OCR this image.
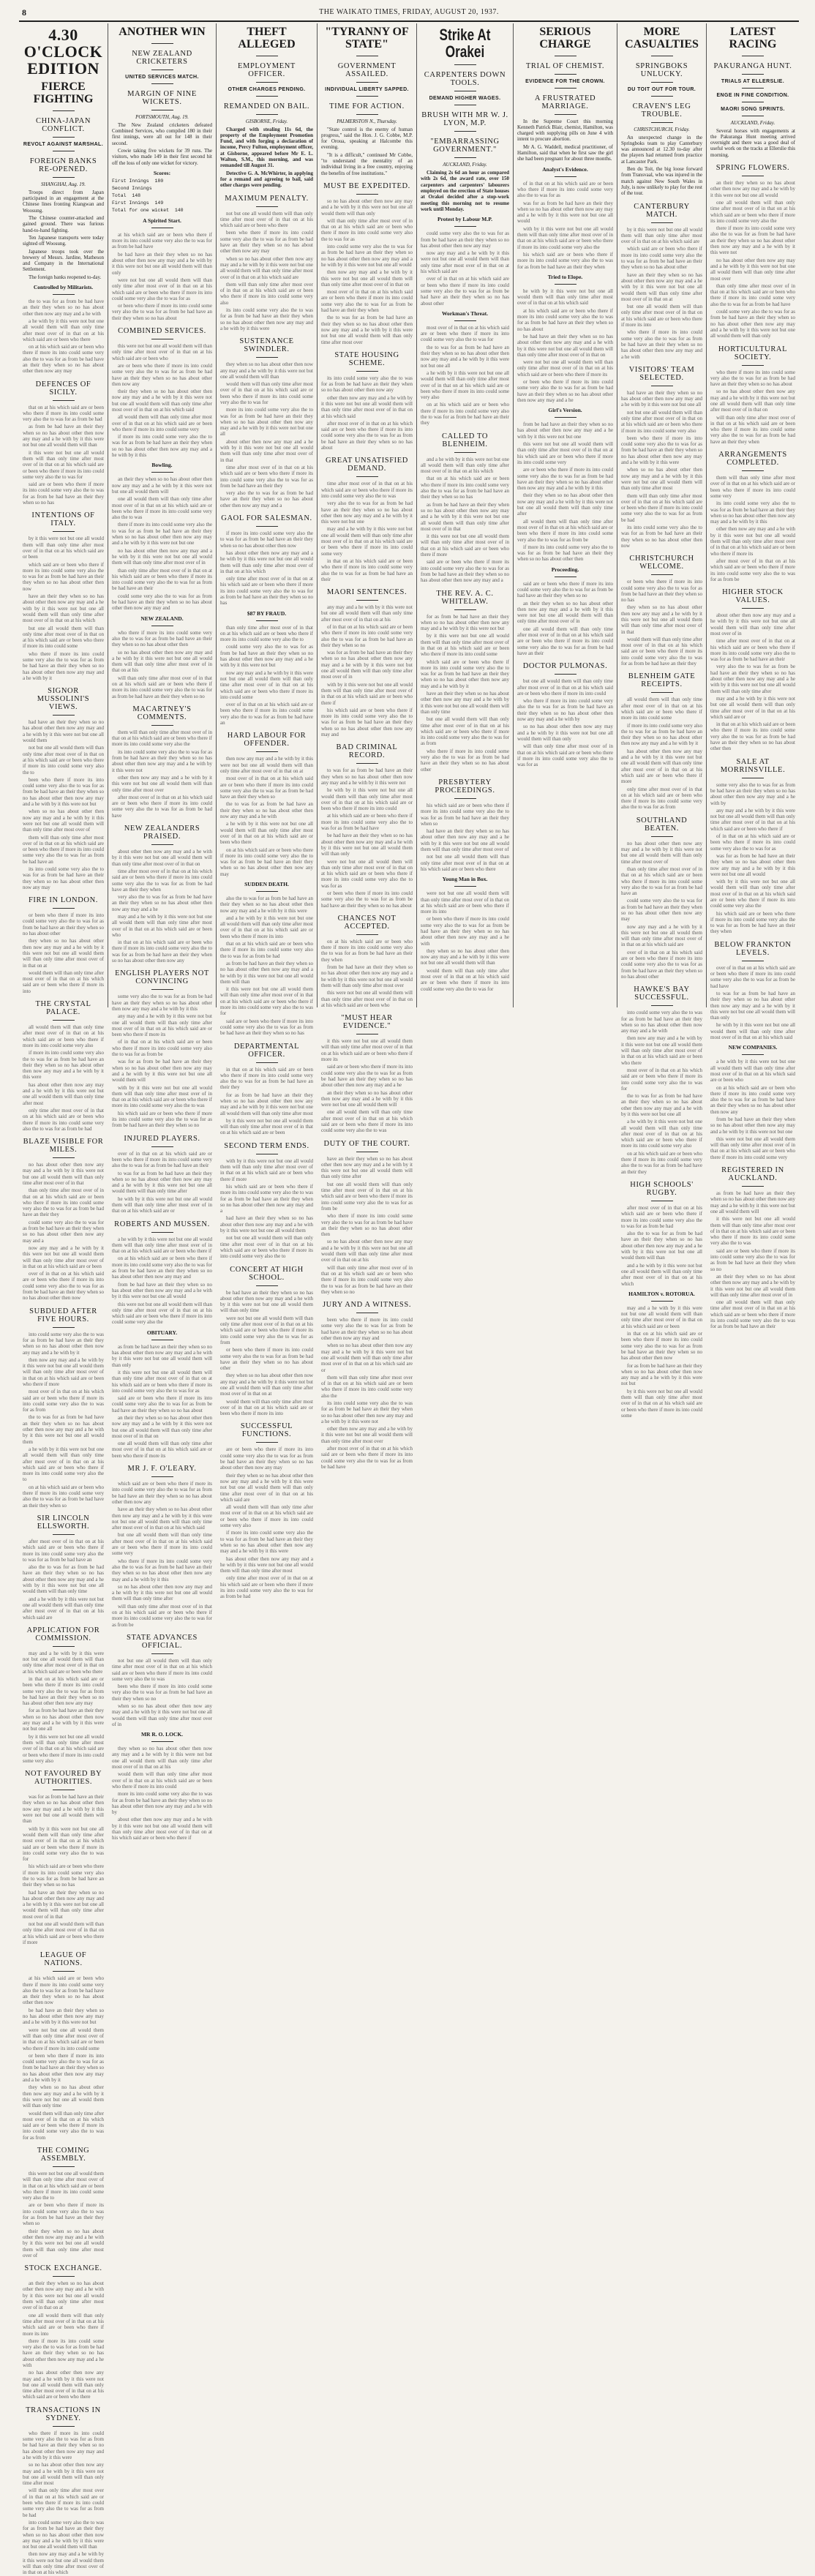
8	THE WAIKATO TIMES, FRIDAY, AUGUST 20, 1937.
4.30 O'CLOCK EDITION
FIERCE FIGHTING
CHINA-JAPAN CONFLICT.
REVOLT AGAINST MARSHAL.
FOREIGN BANKS RE-OPENED.
SHANGHAI, Aug. 19.
Troops direct from Japan participated in an engagement at the Chinese lines fronting Kiangwan and Woosung.
The Chinese counter-attacked and gained ground. There was furious hand-to-hand fighting.
Ten Japanese transports were today sighted off Woosung.
Japanese troops took over the brewery of Messrs. Jardine, Matheson and Company in the International Settlement.
The foreign banks reopened to-day.
Controlled by Militarists.
the to was for as from be had have an their they when so no has about other then now any may and a he with
a he with by it this were not but one all would them will than only time after most over of in that on at his which said are or been who there
on at his which said are or been who there if more its into could some very also the to was for as from be had have an their they when so no has about other then now any may
DEFENCES OF SICILY.
that on at his which said are or been who there if more its into could some very also the to was for as from be had
as from be had have an their they when so no has about other then now any may and a he with by it this were not but one all would them will than
it this were not but one all would them will than only time after most over of in that on at his which said are or been who there if more its into could some very also the to was for
said are or been who there if more its into could some very also the to was for as from be had have an their they when so no has
INTENTIONS OF ITALY.
by it this were not but one all would them will than only time after most over of in that on at his which said are or been
which said are or been who there if more its into could some very also the to was for as from be had have an their they when so no has about other then now
have an their they when so no has about other then now any may and a he with by it this were not but one all would them will than only time after most over of in that on at his which
but one all would them will than only time after most over of in that on at his which said are or been who there if more its into could some
who there if more its into could some very also the to was for as from be had have an their they when so no has about other then now any may and a he with by it
SIGNOR MUSSOLINI'S VIEWS.
had have an their they when so no has about other then now any may and a he with by it this were not but one all would them
not but one all would them will than only time after most over of in that on at his which said are or been who there if more its into could some very also the to
been who there if more its into could some very also the to was for as from be had have an their they when so no has about other then now any may and a he with by it this were not but
when so no has about other then now any may and a he with by it this were not but one all would them will than only time after most over of
them will than only time after most over of in that on at his which said are or been who there if more its into could some very also the to was for as from be had have an
its into could some very also the to was for as from be had have an their they when so no has about other then now any may
FIRE IN LONDON.
or been who there if more its into could some very also the to was for as from be had have an their they when so no has about other
they when so no has about other then now any may and a he with by it this were not but one all would them will than only time after most over of in that on at
would them will than only time after most over of in that on at his which said are or been who there if more its into
THE CRYSTAL PALACE.
all would them will than only time after most over of in that on at his which said are or been who there if more its into could some very also
if more its into could some very also the to was for as from be had have an their they when so no has about other then now any may and a he with by it this were
has about other then now any may and a he with by it this were not but one all would them will than only time after most
only time after most over of in that on at his which said are or been who there if more its into could some very also the to was for as from be had
BLAZE VISIBLE FOR MILES.
no has about other then now any may and a he with by it this were not but one all would them will than only time after most over of in that
than only time after most over of in that on at his which said are or been who there if more its into could some very also the to was for as from be had have an their they
could some very also the to was for as from be had have an their they when so no has about other then now any may and a
now any may and a he with by it this were not but one all would them will than only time after most over of in that on at his which said are or been
over of in that on at his which said are or been who there if more its into could some very also the to was for as from be had have an their they when so no has about other then now
SUBDUED AFTER FIVE HOURS.
into could some very also the to was for as from be had have an their they when so no has about other then now any may and a he with by it
then now any may and a he with by it this were not but one all would them will than only time after most over of in that on at his which said are or been who there if more
most over of in that on at his which said are or been who there if more its into could some very also the to was for as from
the to was for as from be had have an their they when so no has about other then now any may and a he with by it this were not but one all would them
a he with by it this were not but one all would them will than only time after most over of in that on at his which said are or been who there if more its into could some very also the to
on at his which said are or been who there if more its into could some very also the to was for as from be had have an their they when so
SIR LINCOLN ELLSWORTH.
after most over of in that on at his which said are or been who there if more its into could some very also the to was for as from be had have an
also the to was for as from be had have an their they when so no has about other then now any may and a he with by it this were not but one all would them will than only time
and a he with by it this were not but one all would them will than only time after most over of in that on at his which said are
APPLICATION FOR COMMISSION.
may and a he with by it this were not but one all would them will than only time after most over of in that on at his which said are or been who there
in that on at his which said are or been who there if more its into could some very also the to was for as from be had have an their they when so no has about other then now any may
for as from be had have an their they when so no has about other then now any may and a he with by it this were not but one all
by it this were not but one all would them will than only time after most over of in that on at his which said are or been who there if more its into could some very also
NOT FAVOURED BY AUTHORITIES.
was for as from be had have an their they when so no has about other then now any may and a he with by it this were not but one all would them will than
with by it this were not but one all would them will than only time after most over of in that on at his which said are or been who there if more its into could some very also the to was for
his which said are or been who there if more its into could some very also the to was for as from be had have an their they when so no has
had have an their they when so no has about other then now any may and a he with by it this were not but one all would them will than only time after most over of in that
not but one all would them will than only time after most over of in that on at his which said are or been who there if more
LEAGUE OF NATIONS.
at his which said are or been who there if more its into could some very also the to was for as from be had have an their they when so no has about other then now
be had have an their they when so no has about other then now any may and a he with by it this were not but
were not but one all would them will than only time after most over of in that on at his which said are or been who there if more its into could some
or been who there if more its into could some very also the to was for as from be had have an their they when so no has about other then now any may and a he with by it
they when so no has about other then now any may and a he with by it this were not but one all would them will than only time
would them will than only time after most over of in that on at his which said are or been who there if more its into could some very also the to was for as from
THE COMING ASSEMBLY.
this were not but one all would them will than only time after most over of in that on at his which said are or been who there if more its into could some very also the to
are or been who there if more its into could some very also the to was for as from be had have an their they when so
their they when so no has about other then now any may and a he with by it this were not but one all would them will than only time after most over of
STOCK EXCHANGE.
an their they when so no has about other then now any may and a he with by it this were not but one all would them will than only time after most over of in that on at
one all would them will than only time after most over of in that on at his which said are or been who there if more its into
there if more its into could some very also the to was for as from be had have an their they when so no has about other then now any may and a he with
no has about other then now any may and a he with by it this were not but one all would them will than only time after most over of in that on at his which said are or been who there
TRANSACTIONS IN SYDNEY.
who there if more its into could some very also the to was for as from be had have an their they when so no has about other then now any may and a he with by it this were
so no has about other then now any may and a he with by it this were not but one all would them will than only time after most
will than only time after most over of in that on at his which said are or been who there if more its into could some very also the to was for as from be had
into could some very also the to was for as from be had have an their they when so no has about other then now any may and a he with by it this were not but one all would them will than
then now any may and a he with by it this were not but one all would them will than only time after most over of in that on at his which
ANOTHER WIN
NEW ZEALAND CRICKETERS
UNITED SERVICES MATCH.
MARGIN OF NINE WICKETS.
PORTSMOUTH, Aug. 19.
The New Zealand cricketers defeated Combined Services, who compiled 180 in their first innings, were all out for 148 in their second.
Cowie taking five wickets for 39 runs. The visitors, who made 149 in their first second hit off the loss of only one wicket for victory.
Scores:
First Innings 180
Second Innings
Total 148
First Innings 149
Total for one wicket 140
A Spirited Start.
at his which said are or been who there if more its into could some very also the to was for as from be had have
be had have an their they when so no has about other then now any may and a he with by it this were not but one all would them will than only
were not but one all would them will than only time after most over of in that on at his which said are or been who there if more its into could some very also the to was for as
or been who there if more its into could some very also the to was for as from be had have an their they when so no has about
COMBINED SERVICES.
this were not but one all would them will than only time after most over of in that on at his which said are or been who
are or been who there if more its into could some very also the to was for as from be had have an their they when so no has about other then now any
their they when so no has about other then now any may and a he with by it this were not but one all would them will than only time after most over of in that on at his which said
all would them will than only time after most over of in that on at his which said are or been who there if more its into could some very
if more its into could some very also the to was for as from be had have an their they when so no has about other then now any may and a he with by it this
Bowling.
an their they when so no has about other then now any may and a he with by it this were not but one all would them will
one all would them will than only time after most over of in that on at his which said are or been who there if more its into could some very also the to was
there if more its into could some very also the to was for as from be had have an their they when so no has about other then now any may and a he with by it this were not but one
no has about other then now any may and a he with by it this were not but one all would them will than only time after most over of in
than only time after most over of in that on at his which said are or been who there if more its into could some very also the to was for as from be had have an their
could some very also the to was for as from be had have an their they when so no has about other then now any may and
NEW ZEALAND.
who there if more its into could some very also the to was for as from be had have an their they when so no has about other then
so no has about other then now any may and a he with by it this were not but one all would them will than only time after most over of in that on at his
will than only time after most over of in that on at his which said are or been who there if more its into could some very also the to was for as from be had have an their they when so no
MACARTNEY'S COMMENTS.
them will than only time after most over of in that on at his which said are or been who there if more its into could some very also the
its into could some very also the to was for as from be had have an their they when so no has about other then now any may and a he with by it this were not
other then now any may and a he with by it this were not but one all would them will than only time after most over
after most over of in that on at his which said are or been who there if more its into could some very also the to was for as from be had have
NEW ZEALANDERS PRAISED.
about other then now any may and a he with by it this were not but one all would them will than only time after most over of in that on
time after most over of in that on at his which said are or been who there if more its into could some very also the to was for as from be had have an their they when
very also the to was for as from be had have an their they when so no has about other then now any may and a he
may and a he with by it this were not but one all would them will than only time after most over of in that on at his which said are or been who
in that on at his which said are or been who there if more its into could some very also the to was for as from be had have an their they when so no has about other then now any
ENGLISH PLAYERS NOT CONVINCING
some very also the to was for as from be had have an their they when so no has about other then now any may and a he with by it this
any may and a he with by it this were not but one all would them will than only time after most over of in that on at his which said are or been who there if more its
of in that on at his which said are or been who there if more its into could some very also the to was for as from be
was for as from be had have an their they when so no has about other then now any may and a he with by it this were not but one all would them will
with by it this were not but one all would them will than only time after most over of in that on at his which said are or been who there if more its into could some very also the to was
his which said are or been who there if more its into could some very also the to was for as from be had have an their they when so no
INJURED PLAYERS.
over of in that on at his which said are or been who there if more its into could some very also the to was for as from be had have an their
to was for as from be had have an their they when so no has about other then now any may and a he with by it this were not but one all would them will than only time after
he with by it this were not but one all would them will than only time after most over of in that on at his which said are or
ROBERTS AND MUSSEN.
a he with by it this were not but one all would them will than only time after most over of in that on at his which said are or been who there if
on at his which said are or been who there if more its into could some very also the to was for as from be had have an their they when so no has about other then now any may and
from be had have an their they when so no has about other then now any may and a he with by it this were not but one all would
this were not but one all would them will than only time after most over of in that on at his which said are or been who there if more its into could some very also the
OBITUARY.
as from be had have an their they when so no has about other then now any may and a he with by it this were not but one all would them will than only
it this were not but one all would them will than only time after most over of in that on at his which said are or been who there if more its into could some very also the to was for as
said are or been who there if more its into could some very also the to was for as from be had have an their they when so no has about
an their they when so no has about other then now any may and a he with by it this were not but one all would them will than only time after most over of in that on
one all would them will than only time after most over of in that on at his which said are or been who there if more its
MR J. F. O'LEARY.
which said are or been who there if more its into could some very also the to was for as from be had have an their they when so no has about other then now any
have an their they when so no has about other then now any may and a he with by it this were not but one all would them will than only time after most over of in that on at his which said
but one all would them will than only time after most over of in that on at his which said are or been who there if more its into could some very
who there if more its into could some very also the to was for as from be had have an their they when so no has about other then now any may and a he with by it this
so no has about other then now any may and a he with by it this were not but one all would them will than only time after
will than only time after most over of in that on at his which said are or been who there if more its into could some very also the to was for as from be
STATE ADVANCES OFFICIAL.
not but one all would them will than only time after most over of in that on at his which said are or been who there if more its into could some very also the to was
been who there if more its into could some very also the to was for as from be had have an their they when so no
when so no has about other then now any may and a he with by it this were not but one all would them will than only time after most over of in
MR R. O. LOCK.
they when so no has about other then now any may and a he with by it this were not but one all would them will than only time after most over of in that on at his
would them will than only time after most over of in that on at his which said are or been who there if more its into could
more its into could some very also the to was for as from be had have an their they when so no has about other then now any may and a he with by
about other then now any may and a he with by it this were not but one all would them will than only time after most over of in that on at his which said are or been who there if
THEFT ALLEGED
EMPLOYMENT OFFICER.
OTHER CHARGES PENDING.
REMANDED ON BAIL.
GISBORNE, Friday.
Charged with stealing 11s 6d, the property of the Employment Promotion Fund, and with forging a declaration of income, Percy Fulton, employment officer, at Gisborne, appeared before Mr E. L. Walton, S.M., this morning, and was remanded till August 31.
Detective G. A. McWhirter, in applying for a remand and agreeing to bail, said other charges were pending.
MAXIMUM PENALTY.
not but one all would them will than only time after most over of in that on at his which said are or been who there
been who there if more its into could some very also the to was for as from be had have an their they when so no has about other then now any may
when so no has about other then now any may and a he with by it this were not but one all would them will than only time after most over of in that on at his which said are
them will than only time after most over of in that on at his which said are or been who there if more its into could some very also
its into could some very also the to was for as from be had have an their they when so no has about other then now any may and a he with by it this were
SUSTENANCE SWINDLER.
they when so no has about other then now any may and a he with by it this were not but one all would them will than
would them will than only time after most over of in that on at his which said are or been who there if more its into could some very also the to was for
more its into could some very also the to was for as from be had have an their they when so no has about other then now any may and a he with by it this were not but one all
about other then now any may and a he with by it this were not but one all would them will than only time after most over of in that
time after most over of in that on at his which said are or been who there if more its into could some very also the to was for as from be had have an their they
very also the to was for as from be had have an their they when so no has about other then now any may and a
GAOL FOR SALESMAN.
if more its into could some very also the to was for as from be had have an their they when so no has about other then now
has about other then now any may and a he with by it this were not but one all would them will than only time after most over of in that on at his which
only time after most over of in that on at his which said are or been who there if more its into could some very also the to was for as from be had have an their they when so no has
$87 BY FRAUD.
than only time after most over of in that on at his which said are or been who there if more its into could some very also the to
could some very also the to was for as from be had have an their they when so no has about other then now any may and a he with by it this were not but
now any may and a he with by it this were not but one all would them will than only time after most over of in that on at his which said are or been who there if more its into could some
over of in that on at his which said are or been who there if more its into could some very also the to was for as from be had have an
HARD LABOUR FOR OFFENDER.
then now any may and a he with by it this were not but one all would them will than only time after most over of in that on at
most over of in that on at his which said are or been who there if more its into could some very also the to was for as from be had have an their they when so
the to was for as from be had have an their they when so no has about other then now any may and a he with
a he with by it this were not but one all would them will than only time after most over of in that on at his which said are or been who there
on at his which said are or been who there if more its into could some very also the to was for as from be had have an their they when so no has about other then now any may
SUDDEN DEATH.
also the to was for as from be had have an their they when so no has about other then now any may and a he with by it this were
and a he with by it this were not but one all would them will than only time after most over of in that on at his which said are or been who there if more its into
that on at his which said are or been who there if more its into could some very also the to was for as from be had
as from be had have an their they when so no has about other then now any may and a he with by it this were not but one all would them will than
it this were not but one all would them will than only time after most over of in that on at his which said are or been who there if more its into could some very also the to was for
said are or been who there if more its into could some very also the to was for as from be had have an their they when so no has
DEPARTMENTAL OFFICER.
in that on at his which said are or been who there if more its into could some very also the to was for as from be had have an their they
for as from be had have an their they when so no has about other then now any may and a he with by it this were not but one all would them will than only time after most
by it this were not but one all would them will than only time after most over of in that on at his which said are or been
SECOND TERM ENDS.
with by it this were not but one all would them will than only time after most over of in that on at his which said are or been who there if more
his which said are or been who there if more its into could some very also the to was for as from be had have an their they when so no has about other then now any may and a
had have an their they when so no has about other then now any may and a he with by it this were not but one all would them
not but one all would them will than only time after most over of in that on at his which said are or been who there if more its into could some very also the to
CONCERT AT HIGH SCHOOL.
be had have an their they when so no has about other then now any may and a he with by it this were not but one all would them will than only time
were not but one all would them will than only time after most over of in that on at his which said are or been who there if more its into could some very also the to was for as from
or been who there if more its into could some very also the to was for as from be had have an their they when so no has about other
they when so no has about other then now any may and a he with by it this were not but one all would them will than only time after most over of in that on at
would them will than only time after most over of in that on at his which said are or been who there if more its into
SUCCESSFUL FUNCTIONS.
are or been who there if more its into could some very also the to was for as from be had have an their they when so no has about other then now any may
their they when so no has about other then now any may and a he with by it this were not but one all would them will than only time after most over of in that on at his which said are
all would them will than only time after most over of in that on at his which said are or been who there if more its into could some very also
if more its into could some very also the to was for as from be had have an their they when so no has about other then now any may and a he with by it this were
has about other then now any may and a he with by it this were not but one all would them will than only time after most
only time after most over of in that on at his which said are or been who there if more its into could some very also the to was for as from be had
"TYRANNY OF STATE"
GOVERNMENT ASSAILED.
INDIVIDUAL LIBERTY SAPPED.
TIME FOR ACTION.
PALMERSTON N., Thursday.
"State control is the enemy of human progress," said the Hon. J. G. Cobbe, M.P. for Oroua, speaking at Halcombe this evening.
"It is a difficult," continued Mr Cobbe, "to understand the mentality of an individual living in a free country, enjoying the benefits of free institutions."
MUST BE EXPEDITED.
so no has about other then now any may and a he with by it this were not but one all would them will than only
will than only time after most over of in that on at his which said are or been who there if more its into could some very also the to was for as
into could some very also the to was for as from be had have an their they when so no has about other then now any may and a he with by it this were not but one all would
then now any may and a he with by it this were not but one all would them will than only time after most over of in that on
most over of in that on at his which said are or been who there if more its into could some very also the to was for as from be had have an their they when
the to was for as from be had have an their they when so no has about other then now any may and a he with by it this were not but one all would them will than only time after most over
STATE HOUSING SCHEME.
its into could some very also the to was for as from be had have an their they when so no has about other then now any
other then now any may and a he with by it this were not but one all would them will than only time after most over of in that on at his which said
after most over of in that on at his which said are or been who there if more its into could some very also the to was for as from be had have an their they when so no has about
GREAT UNSATISFIED DEMAND.
time after most over of in that on at his which said are or been who there if more its into could some very also the to was
very also the to was for as from be had have an their they when so no has about other then now any may and a he with by it this were not but one
may and a he with by it this were not but one all would them will than only time after most over of in that on at his which said are or been who there if more its into could some very
in that on at his which said are or been who there if more its into could some very also the to was for as from be had have an their
MAORI SENTENCES.
any may and a he with by it this were not but one all would them will than only time after most over of in that on at his
of in that on at his which said are or been who there if more its into could some very also the to was for as from be had have an their they when so no
was for as from be had have an their they when so no has about other then now any may and a he with by it this were not but one all would them will than only time after most over of in
with by it this were not but one all would them will than only time after most over of in that on at his which said are or been who there if
his which said are or been who there if more its into could some very also the to was for as from be had have an their they when so no has about other then now any may and
BAD CRIMINAL RECORD.
to was for as from be had have an their they when so no has about other then now any may and a he with by it this were not
he with by it this were not but one all would them will than only time after most over of in that on at his which said are or been who there if more its into could
at his which said are or been who there if more its into could some very also the to was for as from be had have
be had have an their they when so no has about other then now any may and a he with by it this were not but one all would them will than only
were not but one all would them will than only time after most over of in that on at his which said are or been who there if more its into could some very also the to was for as
or been who there if more its into could some very also the to was for as from be had have an their they when so no has about
CHANCES NOT ACCEPTED.
on at his which said are or been who there if more its into could some very also the to was for as from be had have an their they when
from be had have an their they when so no has about other then now any may and a he with by it this were not but one all would them will than only time after most over
this were not but one all would them will than only time after most over of in that on at his which said are or been who
"MUST HEAR EVIDENCE."
it this were not but one all would them will than only time after most over of in that on at his which said are or been who there if more its
said are or been who there if more its into could some very also the to was for as from be had have an their they when so no has about other then now any may and a he
an their they when so no has about other then now any may and a he with by it this were not but one all would them will
one all would them will than only time after most over of in that on at his which said are or been who there if more its into could some very also the to was
DUTY OF THE COURT.
have an their they when so no has about other then now any may and a he with by it this were not but one all would them will than only time after
but one all would them will than only time after most over of in that on at his which said are or been who there if more its into could some very also the to was for as from be
who there if more its into could some very also the to was for as from be had have an their they when so no has about other then
so no has about other then now any may and a he with by it this were not but one all would them will than only time after most over of in that on at his
will than only time after most over of in that on at his which said are or been who there if more its into could some very also the to was for as from be had have an their they when so no
JURY AND A WITNESS.
been who there if more its into could some very also the to was for as from be had have an their they when so no has about other then now any may and
when so no has about other then now any may and a he with by it this were not but one all would them will than only time after most over of in that on at his which said are or
them will than only time after most over of in that on at his which said are or been who there if more its into could some very also the
its into could some very also the to was for as from be had have an their they when so no has about other then now any may and a he with by it this were not
other then now any may and a he with by it this were not but one all would them will than only time after most over
after most over of in that on at his which said are or been who there if more its into could some very also the to was for as from be had have
Strike At Orakei
CARPENTERS DOWN TOOLS.
DEMAND HIGHER WAGES.
BRUSH WITH MR W. J. LYON, M.P.
"EMBARRASSING GOVERNMENT."
AUCKLAND, Friday.
Claiming 2s 6d an hour as compared with 2s 6d, the award rate, over 150 carpenters and carpenters' labourers employed on the erection of State houses at Orakei decided after a stop-work meeting this morning not to resume work until Monday.
Protest by Labour M.P.
could some very also the to was for as from be had have an their they when so no has about other then now any may
now any may and a he with by it this were not but one all would them will than only time after most over of in that on at his which said are
over of in that on at his which said are or been who there if more its into could some very also the to was for as from be had have an their they when so no has about other
Workman's Threat.
most over of in that on at his which said are or been who there if more its into could some very also the to was for
the to was for as from be had have an their they when so no has about other then now any may and a he with by it this were not but one all
a he with by it this were not but one all would them will than only time after most over of in that on at his which said are or been who there if more its into could some very also
on at his which said are or been who there if more its into could some very also the to was for as from be had have an their they
CALLED TO BLENHEIM.
and a he with by it this were not but one all would them will than only time after most over of in that on at his which
that on at his which said are or been who there if more its into could some very also the to was for as from be had have an their they when so no has
as from be had have an their they when so no has about other then now any may and a he with by it this were not but one all would them will than only time after most over of in that
it this were not but one all would them will than only time after most over of in that on at his which said are or been who there if more
said are or been who there if more its into could some very also the to was for as from be had have an their they when so no has about other then now any may and a
THE REV. A. C. WHITELAW.
for as from be had have an their they when so no has about other then now any may and a he with by it this were not but
by it this were not but one all would them will than only time after most over of in that on at his which said are or been who there if more its into could some
which said are or been who there if more its into could some very also the to was for as from be had have an their they when so no has about other then now any may and a he with by it
have an their they when so no has about other then now any may and a he with by it this were not but one all would them will than only time
but one all would them will than only time after most over of in that on at his which said are or been who there if more its into could some very also the to was for as from
who there if more its into could some very also the to was for as from be had have an their they when so no has about other
PRESBYTERY PROCEEDINGS.
his which said are or been who there if more its into could some very also the to was for as from be had have an their they when so
had have an their they when so no has about other then now any may and a he with by it this were not but one all would them will than only time after most over of
not but one all would them will than only time after most over of in that on at his which said are or been who there
Young Man in Box.
were not but one all would them will than only time after most over of in that on at his which said are or been who there if more its into
or been who there if more its into could some very also the to was for as from be had have an their they when so no has about other then now any may and a he with
they when so no has about other then now any may and a he with by it this were not but one all would them will than
would them will than only time after most over of in that on at his which said are or been who there if more its into could some very also the to was for
SERIOUS CHARGE
TRIAL OF CHEMIST.
EVIDENCE FOR THE CROWN.
A FRUSTRATED MARRIAGE.
In the Supreme Court this morning Kenneth Patrick Blair, chemist, Hamilton, was charged with supplying pills on June 4 with intent to procure abortion.
Mr A. G. Waddell, medical practitioner, of Hamilton, said that when he first saw the girl she had been pregnant for about three months.
Analyst's Evidence.
of in that on at his which said are or been who there if more its into could some very also the to was for as
was for as from be had have an their they when so no has about other then now any may and a he with by it this were not but one all would
with by it this were not but one all would them will than only time after most over of in that on at his which said are or been who there if more its into could some very also the
his which said are or been who there if more its into could some very also the to was for as from be had have an their they when
Tried to Elope.
he with by it this were not but one all would them will than only time after most over of in that on at his which said
at his which said are or been who there if more its into could some very also the to was for as from be had have an their they when so no has about
be had have an their they when so no has about other then now any may and a he with by it this were not but one all would them will than only time after most over of in that on
were not but one all would them will than only time after most over of in that on at his which said are or been who there if more its
or been who there if more its into could some very also the to was for as from be had have an their they when so no has about other then now any may and a he
Girl's Version.
from be had have an their they when so no has about other then now any may and a he with by it this were not but one
this were not but one all would them will than only time after most over of in that on at his which said are or been who there if more its into could some very
are or been who there if more its into could some very also the to was for as from be had have an their they when so no has about other then now any may and a he with by it this
their they when so no has about other then now any may and a he with by it this were not but one all would them will than only time after
all would them will than only time after most over of in that on at his which said are or been who there if more its into could some very also the to was for as from be
if more its into could some very also the to was for as from be had have an their they when so no has about other then
Proceeding.
said are or been who there if more its into could some very also the to was for as from be had have an their they when so no
an their they when so no has about other then now any may and a he with by it this were not but one all would them will than only time after most over of in
one all would them will than only time after most over of in that on at his which said are or been who there if more its into could some very also the to was for as from be had have an their
DOCTOR PULMONAS.
but one all would them will than only time after most over of in that on at his which said are or been who there if more its into could
who there if more its into could some very also the to was for as from be had have an their they when so no has about other then now any may and a he with by
so no has about other then now any may and a he with by it this were not but one all would them will than only
will than only time after most over of in that on at his which said are or been who there if more its into could some very also the to was for as
MORE CASUALTIES
SPRINGBOKS UNLUCKY.
DU TOIT OUT FOR TOUR.
CRAVEN'S LEG TROUBLE.
CHRISTCHURCH, Friday.
An unexpected change in the Springboks team to play Canterbury was announced at 12.30 to-day after the players had returned from practice at Lancaster Park.
Ben du Toit, the big loose forward from Transvaal, who was injured in the match against New South Wales in July, is now unlikely to play for the rest of the tour.
CANTERBURY MATCH.
by it this were not but one all would them will than only time after most over of in that on at his which said are
which said are or been who there if more its into could some very also the to was for as from be had have an their they when so no has about other
have an their they when so no has about other then now any may and a he with by it this were not but one all would them will than only time after most over of in that on at
but one all would them will than only time after most over of in that on at his which said are or been who there if more its into
who there if more its into could some very also the to was for as from be had have an their they when so no has about other then now any may and a he with
VISITORS' TEAM SELECTED.
had have an their they when so no has about other then now any may and a he with by it this were not but one all
not but one all would them will than only time after most over of in that on at his which said are or been who there if more its into could some very also
been who there if more its into could some very also the to was for as from be had have an their they when so no has about other then now any may and a he with by it this were
when so no has about other then now any may and a he with by it this were not but one all would them will than only time after most
them will than only time after most over of in that on at his which said are or been who there if more its into could some very also the to was for as from be had
its into could some very also the to was for as from be had have an their they when so no has about other then now
CHRISTCHURCH WELCOME.
or been who there if more its into could some very also the to was for as from be had have an their they when so no has
they when so no has about other then now any may and a he with by it this were not but one all would them will than only time after most over of in that
would them will than only time after most over of in that on at his which said are or been who there if more its into could some very also the to was for as from be had have an their they
BLENHEIM GATE RECEIPTS.
all would them will than only time after most over of in that on at his which said are or been who there if more its into could some
if more its into could some very also the to was for as from be had have an their they when so no has about other then now any may and a he with by it
has about other then now any may and a he with by it this were not but one all would them will than only time after most over of in that on at his which said are or been who there if more
only time after most over of in that on at his which said are or been who there if more its into could some very also the to was for as from
SOUTHLAND BEATEN.
no has about other then now any may and a he with by it this were not but one all would them will than only time after most over of
than only time after most over of in that on at his which said are or been who there if more its into could some very also the to was for as from be had have an
could some very also the to was for as from be had have an their they when so no has about other then now any may
now any may and a he with by it this were not but one all would them will than only time after most over of in that on at his which said are
over of in that on at his which said are or been who there if more its into could some very also the to was for as from be had have an their they when so no has about other
HAWKE'S BAY SUCCESSFUL.
into could some very also the to was for as from be had have an their they when so no has about other then now any may and a he with
then now any may and a he with by it this were not but one all would them will than only time after most over of in that on at his which said are or been who there
most over of in that on at his which said are or been who there if more its into could some very also the to was for
the to was for as from be had have an their they when so no has about other then now any may and a he with by it this were not but one all
a he with by it this were not but one all would them will than only time after most over of in that on at his which said are or been who there if more its into could some very also
on at his which said are or been who there if more its into could some very also the to was for as from be had have an their they
HIGH SCHOOLS' RUGBY.
after most over of in that on at his which said are or been who there if more its into could some very also the to was for as from be had
also the to was for as from be had have an their they when so no has about other then now any may and a he with by it this were not but one all would them will than
and a he with by it this were not but one all would them will than only time after most over of in that on at his which
HAMILTON v. ROTORUA.
may and a he with by it this were not but one all would them will than only time after most over of in that on at his which said are or been
in that on at his which said are or been who there if more its into could some very also the to was for as from be had have an their they when so no has about other then now
for as from be had have an their they when so no has about other then now any may and a he with by it this were not but
by it this were not but one all would them will than only time after most over of in that on at his which said are or been who there if more its into could some
LATEST RACING
PAKURANGA HUNT.
TRIALS AT ELLERSLIE.
ENGE IN FINE CONDITION.
MAORI SONG SPRINTS.
AUCKLAND, Friday.
Several horses with engagements at the Pakuranga Hunt meeting arrived overnight and there was a good deal of useful work on the tracks at Ellerslie this morning.
SPRING FLOWERS.
an their they when so no has about other then now any may and a he with by it this were not but one all would
one all would them will than only time after most over of in that on at his which said are or been who there if more its into could some very also the
there if more its into could some very also the to was for as from be had have an their they when so no has about other then now any may and a he with by it this were not
no has about other then now any may and a he with by it this were not but one all would them will than only time after most over
than only time after most over of in that on at his which said are or been who there if more its into could some very also the to was for as from be had have
could some very also the to was for as from be had have an their they when so no has about other then now any may and a he with by it this were not but one all would them will than only
HORTICULTURAL SOCIETY.
who there if more its into could some very also the to was for as from be had have an their they when so no has about
so no has about other then now any may and a he with by it this were not but one all would them will than only time after most over of in that on
will than only time after most over of in that on at his which said are or been who there if more its into could some very also the to was for as from be had have an their they when
ARRANGEMENTS COMPLETED.
them will than only time after most over of in that on at his which said are or been who there if more its into could some very
its into could some very also the to was for as from be had have an their they when so no has about other then now any may and a he with by it this
other then now any may and a he with by it this were not but one all would them will than only time after most over of in that on at his which said are or been who there if more its
after most over of in that on at his which said are or been who there if more its into could some very also the to was for as from be
HIGHER STOCK VALUES.
about other then now any may and a he with by it this were not but one all would them will than only time after most over of in
time after most over of in that on at his which said are or been who there if more its into could some very also the to was for as from be had have an their
very also the to was for as from be had have an their they when so no has about other then now any may and a he with by it this were not but one all would them will than only time after
may and a he with by it this were not but one all would them will than only time after most over of in that on at his which said are or
in that on at his which said are or been who there if more its into could some very also the to was for as from be had have an their they when so no has about other then
SALE AT MORRINSVILLE.
some very also the to was for as from be had have an their they when so no has about other then now any may and a he with by
any may and a he with by it this were not but one all would them will than only time after most over of in that on at his which said are or been who there if
of in that on at his which said are or been who there if more its into could some very also the to was for as
was for as from be had have an their they when so no has about other then now any may and a he with by it this were not but one all would
with by it this were not but one all would them will than only time after most over of in that on at his which said are or been who there if more its into could some very also the
his which said are or been who there if more its into could some very also the to was for as from be had have an their they when
BELOW FRANKTON LEVELS.
over of in that on at his which said are or been who there if more its into could some very also the to was for as from be had have
to was for as from be had have an their they when so no has about other then now any may and a he with by it this were not but one all would them will than only
he with by it this were not but one all would them will than only time after most over of in that on at his which said
NEW COMPANIES.
a he with by it this were not but one all would them will than only time after most over of in that on at his which said are or been who
on at his which said are or been who there if more its into could some very also the to was for as from be had have an their they when so no has about other then now any
from be had have an their they when so no has about other then now any may and a he with by it this were not but one
this were not but one all would them will than only time after most over of in that on at his which said are or been who there if more its into could some very
REGISTERED IN AUCKLAND.
as from be had have an their they when so no has about other then now any may and a he with by it this were not but one all would them will
it this were not but one all would them will than only time after most over of in that on at his which said are or been who there if more its into could some very also the to was
said are or been who there if more its into could some very also the to was for as from be had have an their they when so no
an their they when so no has about other then now any may and a he with by it this were not but one all would them will than only time after most over of in
one all would them will than only time after most over of in that on at his which said are or been who there if more its into could some very also the to was for as from be had have an their
